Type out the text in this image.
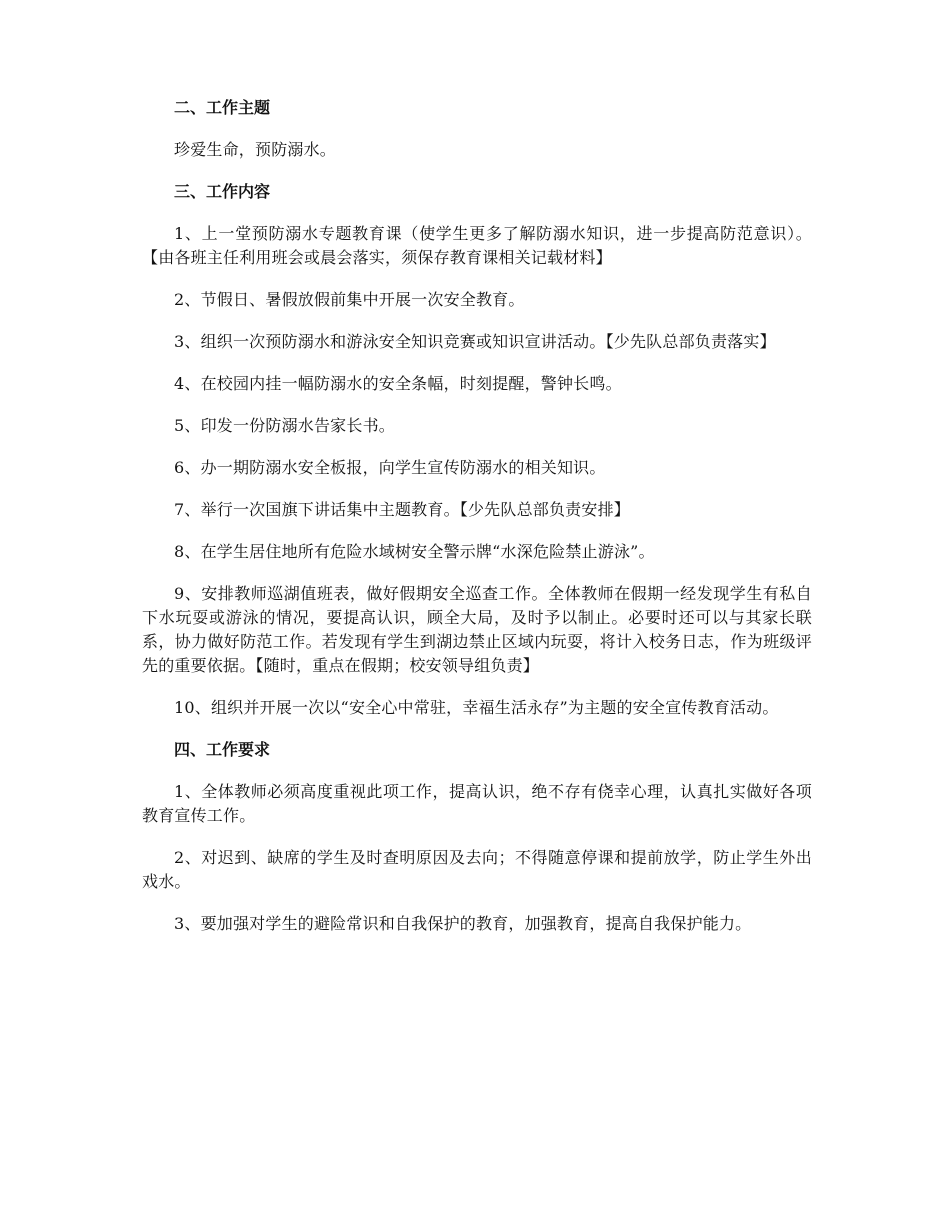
二、工作主题
珍爱生命，预防溺水。
三、工作内容
1、上一堂预防溺水专题教育课（使学生更多了解防溺水知识，进一步提高防范意识）。【由各班主任利用班会或晨会落实，须保存教育课相关记载材料】
2、节假日、暑假放假前集中开展一次安全教育。
3、组织一次预防溺水和游泳安全知识竞赛或知识宣讲活动。【少先队总部负责落实】
4、在校园内挂一幅防溺水的安全条幅，时刻提醒，警钟长鸣。
5、印发一份防溺水告家长书。
6、办一期防溺水安全板报，向学生宣传防溺水的相关知识。
7、举行一次国旗下讲话集中主题教育。【少先队总部负责安排】
8、在学生居住地所有危险水域树安全警示牌“水深危险禁止游泳”。
9、安排教师巡湖值班表，做好假期安全巡查工作。全体教师在假期一经发现学生有私自下水玩耍或游泳的情况，要提高认识，顾全大局，及时予以制止。必要时还可以与其家长联系，协力做好防范工作。若发现有学生到湖边禁止区域内玩耍，将计入校务日志，作为班级评先的重要依据。【随时，重点在假期；校安领导组负责】
10、组织并开展一次以“安全心中常驻，幸福生活永存”为主题的安全宣传教育活动。
四、工作要求
1、全体教师必须高度重视此项工作，提高认识，绝不存有侥幸心理，认真扎实做好各项教育宣传工作。
2、对迟到、缺席的学生及时查明原因及去向；不得随意停课和提前放学，防止学生外出戏水。
3、要加强对学生的避险常识和自我保护的教育，加强教育，提高自我保护能力。
